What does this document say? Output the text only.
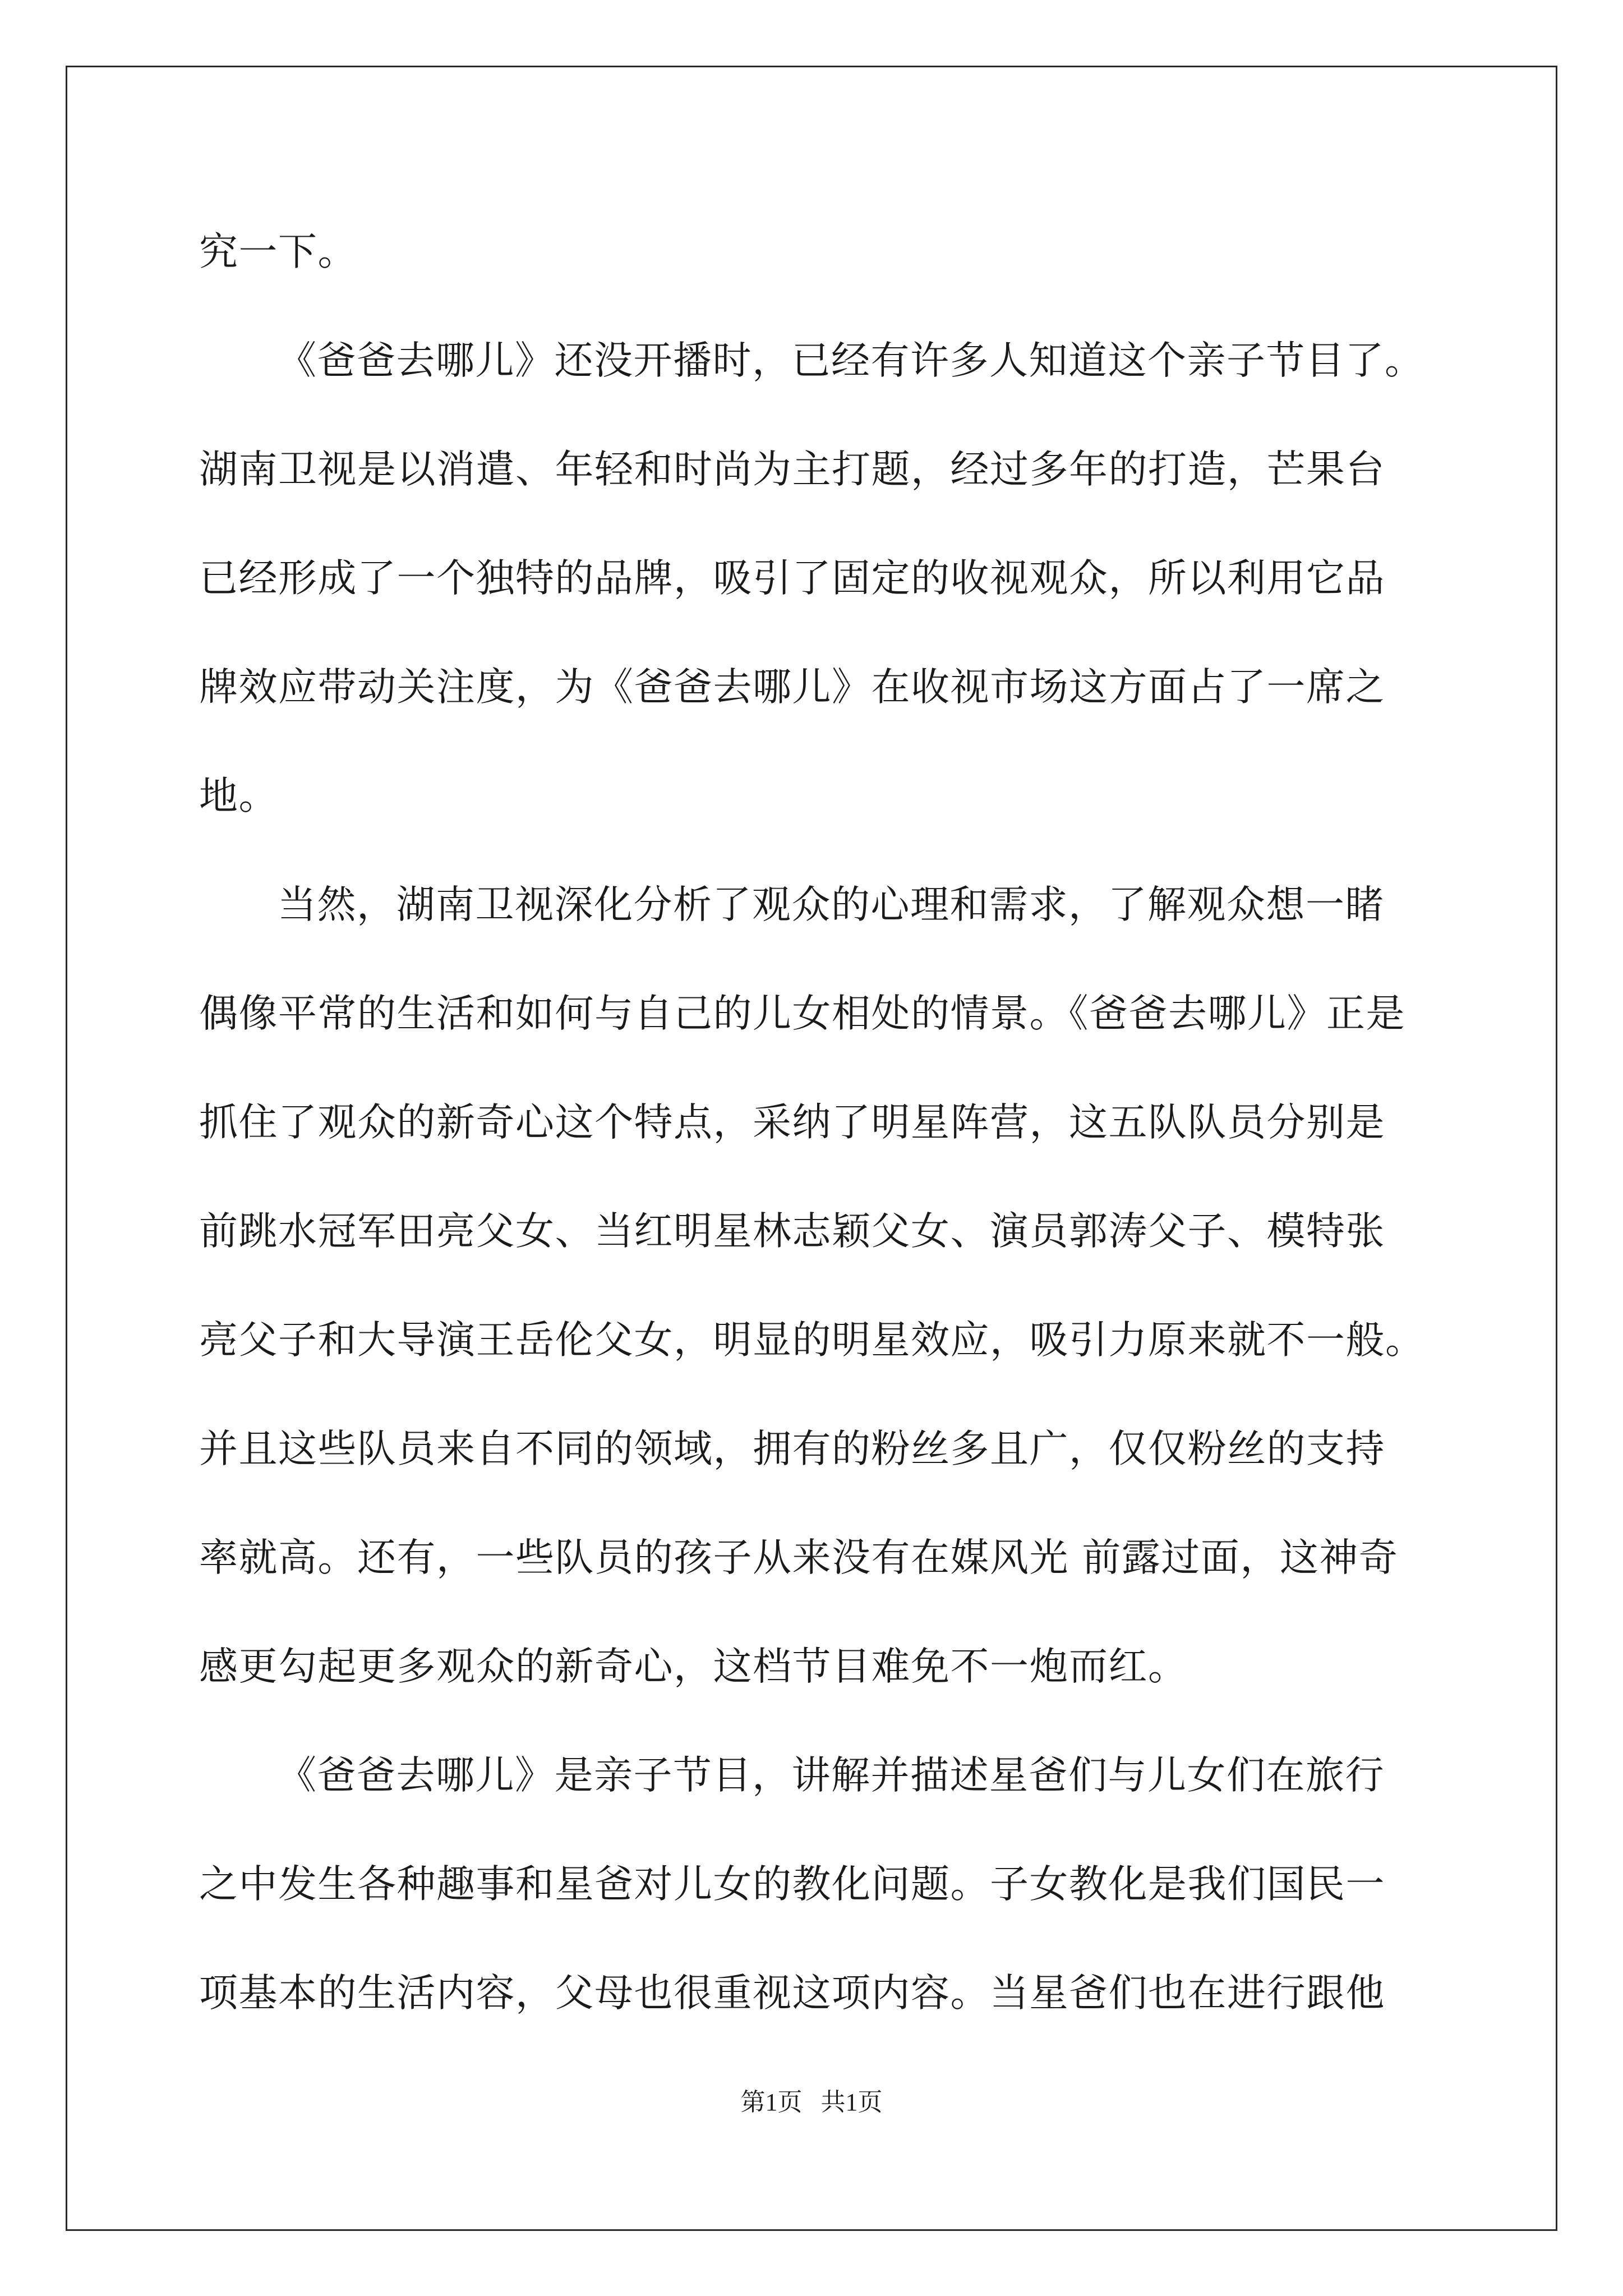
究一下。
《爸爸去哪儿》还没开播时，已经有许多人知道这个亲子节目了。
湖南卫视是以消遣、年轻和时尚为主打题，经过多年的打造，芒果台
已经形成了一个独特的品牌，吸引了固定的收视观众，所以利用它品
牌效应带动关注度，为《爸爸去哪儿》在收视市场这方面占了一席之
地。
当然，湖南卫视深化分析了观众的心理和需求，了解观众想一睹
偶像平常的生活和如何与自己的儿女相处的情景。《爸爸去哪儿》正是
抓住了观众的新奇心这个特点，采纳了明星阵营，这五队队员分别是
前跳水冠军田亮父女、当红明星林志颖父女、演员郭涛父子、模特张
亮父子和大导演王岳伦父女，明显的明星效应，吸引力原来就不一般。
并且这些队员来自不同的领域，拥有的粉丝多且广，仅仅粉丝的支持
率就高。还有，一些队员的孩子从来没有在媒风光 前露过面，这神奇
感更勾起更多观众的新奇心，这档节目难免不一炮而红。
《爸爸去哪儿》是亲子节目，讲解并描述星爸们与儿女们在旅行
之中发生各种趣事和星爸对儿女的教化问题。子女教化是我们国民一
项基本的生活内容，父母也很重视这项内容。当星爸们也在进行跟他
第1页 共1页
